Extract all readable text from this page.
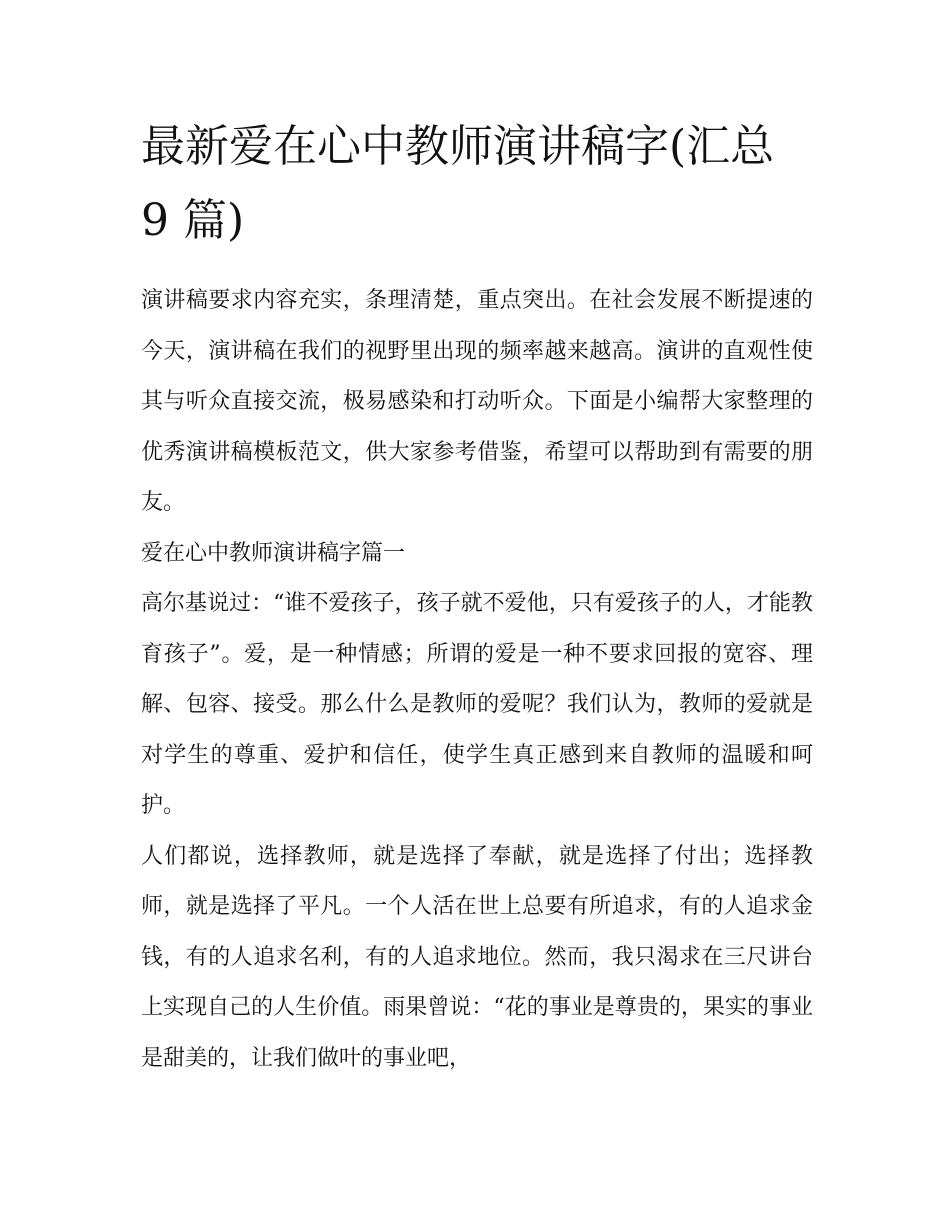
最新爱在心中教师演讲稿字(汇总 9 篇)

演讲稿要求内容充实，条理清楚，重点突出。在社会发展不断提速的今天，演讲稿在我们的视野里出现的频率越来越高。演讲的直观性使其与听众直接交流，极易感染和打动听众。下面是小编帮大家整理的优秀演讲稿模板范文，供大家参考借鉴，希望可以帮助到有需要的朋友。

爱在心中教师演讲稿字篇一

高尔基说过：“谁不爱孩子，孩子就不爱他，只有爱孩子的人，才能教育孩子”。爱，是一种情感；所谓的爱是一种不要求回报的宽容、理解、包容、接受。那么什么是教师的爱呢？我们认为，教师的爱就是对学生的尊重、爱护和信任，使学生真正感到来自教师的温暖和呵护。

人们都说，选择教师，就是选择了奉献，就是选择了付出；选择教师，就是选择了平凡。一个人活在世上总要有所追求，有的人追求金钱，有的人追求名利，有的人追求地位。然而，我只渴求在三尺讲台上实现自己的人生价值。雨果曾说：“花的事业是尊贵的，果实的事业是甜美的，让我们做叶的事业吧，
